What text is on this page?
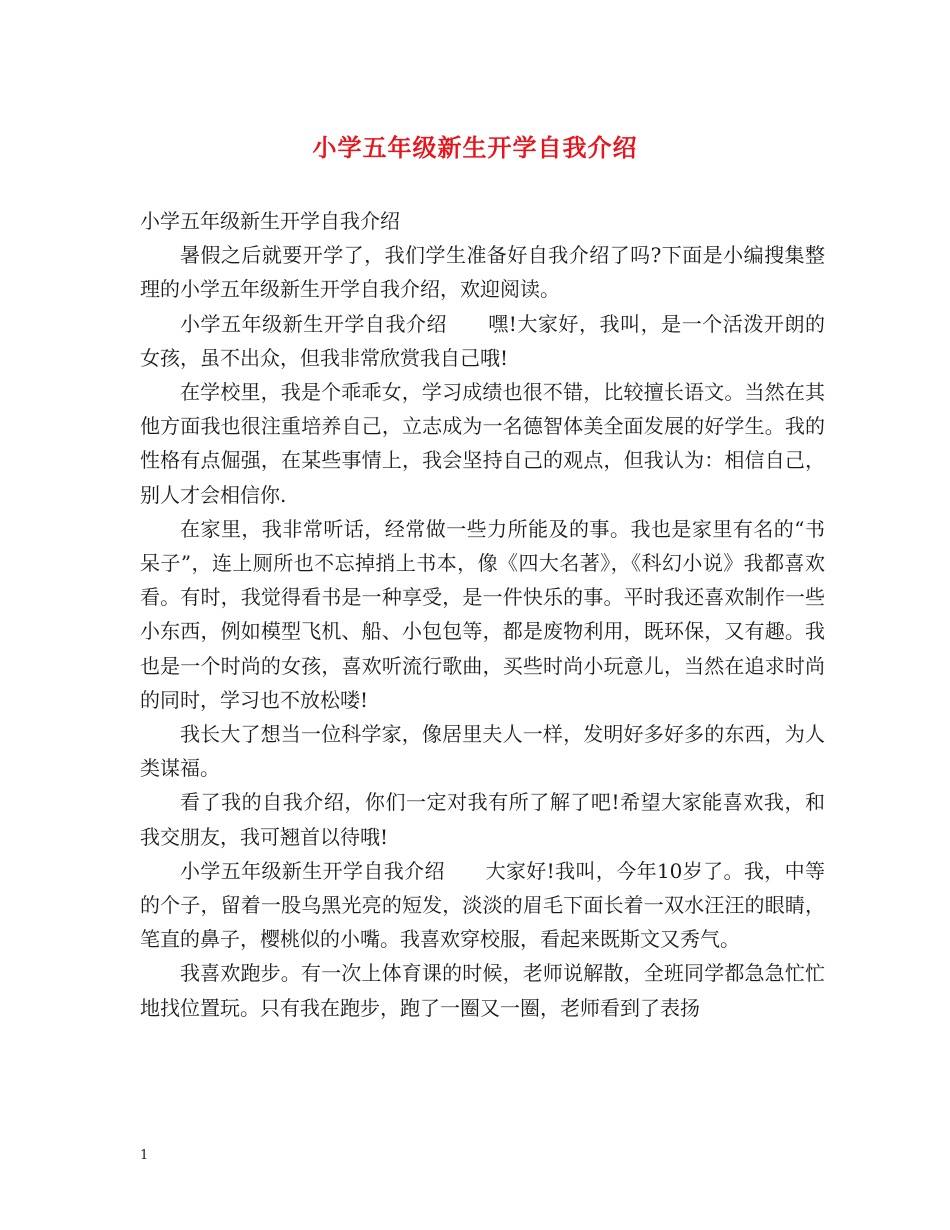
小学五年级新生开学自我介绍

小学五年级新生开学自我介绍

暑假之后就要开学了，我们学生准备好自我介绍了吗?下面是小编搜集整理的小学五年级新生开学自我介绍，欢迎阅读。

小学五年级新生开学自我介绍　　嘿!大家好，我叫，是一个活泼开朗的女孩，虽不出众，但我非常欣赏我自己哦!

在学校里，我是个乖乖女，学习成绩也很不错，比较擅长语文。当然在其他方面我也很注重培养自己，立志成为一名德智体美全面发展的好学生。我的性格有点倔强，在某些事情上，我会坚持自己的观点，但我认为：相信自己，别人才会相信你.

在家里，我非常听话，经常做一些力所能及的事。我也是家里有名的“书呆子”，连上厕所也不忘掉捎上书本，像《四大名著》，《科幻小说》我都喜欢看。有时，我觉得看书是一种享受，是一件快乐的事。平时我还喜欢制作一些小东西，例如模型飞机、船、小包包等，都是废物利用，既环保，又有趣。我也是一个时尚的女孩，喜欢听流行歌曲，买些时尚小玩意儿，当然在追求时尚的同时，学习也不放松喽!

我长大了想当一位科学家，像居里夫人一样，发明好多好多的东西，为人类谋福。

看了我的自我介绍，你们一定对我有所了解了吧!希望大家能喜欢我，和我交朋友，我可翘首以待哦!

小学五年级新生开学自我介绍　　大家好!我叫，今年10岁了。我，中等的个子，留着一股乌黑光亮的短发，淡淡的眉毛下面长着一双水汪汪的眼睛，笔直的鼻子，樱桃似的小嘴。我喜欢穿校服，看起来既斯文又秀气。

我喜欢跑步。有一次上体育课的时候，老师说解散，全班同学都急急忙忙地找位置玩。只有我在跑步，跑了一圈又一圈，老师看到了表扬

1
